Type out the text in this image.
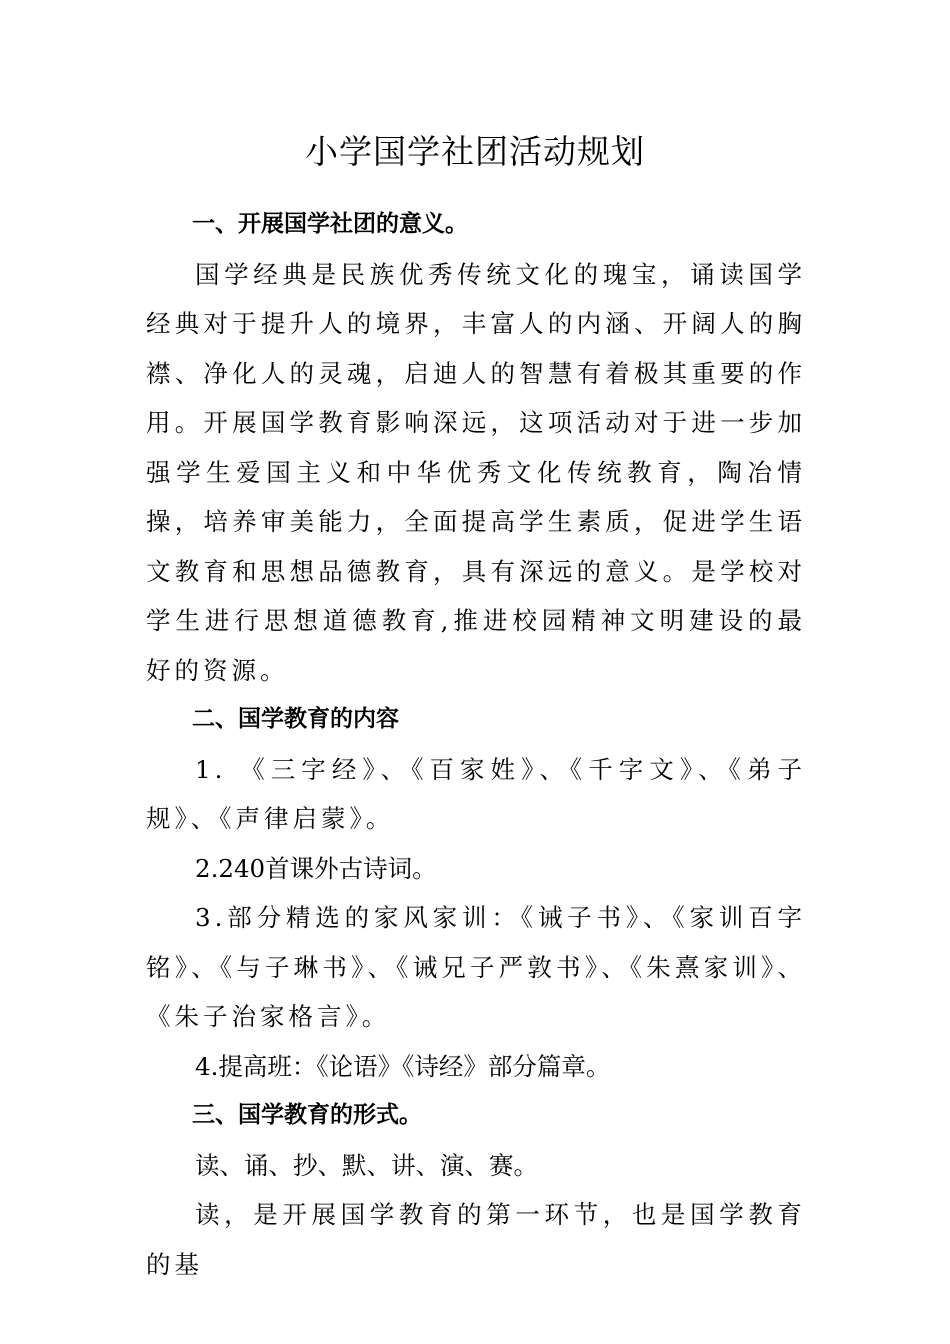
小学国学社团活动规划

一、开展国学社团的意义。

国学经典是民族优秀传统文化的瑰宝，诵读国学经典对于提升人的境界，丰富人的内涵、开阔人的胸襟、净化人的灵魂，启迪人的智慧有着极其重要的作用。开展国学教育影响深远，这项活动对于进一步加强学生爱国主义和中华优秀文化传统教育，陶冶情操，培养审美能力，全面提高学生素质，促进学生语文教育和思想品德教育，具有深远的意义。是学校对学生进行思想道德教育,推进校园精神文明建设的最好的资源。

二、国学教育的内容

1. 《三字经》、《百家姓》、《千字文》、《弟子规》、《声律启蒙》。

2.240首课外古诗词。

3.部分精选的家风家训：《诫子书》、《家训百字铭》、《与子琳书》、《诫兄子严敦书》、《朱熹家训》、《朱子治家格言》。

4.提高班：《论语》《诗经》部分篇章。

三、国学教育的形式。

读、诵、抄、默、讲、演、赛。

读，是开展国学教育的第一环节，也是国学教育的基
